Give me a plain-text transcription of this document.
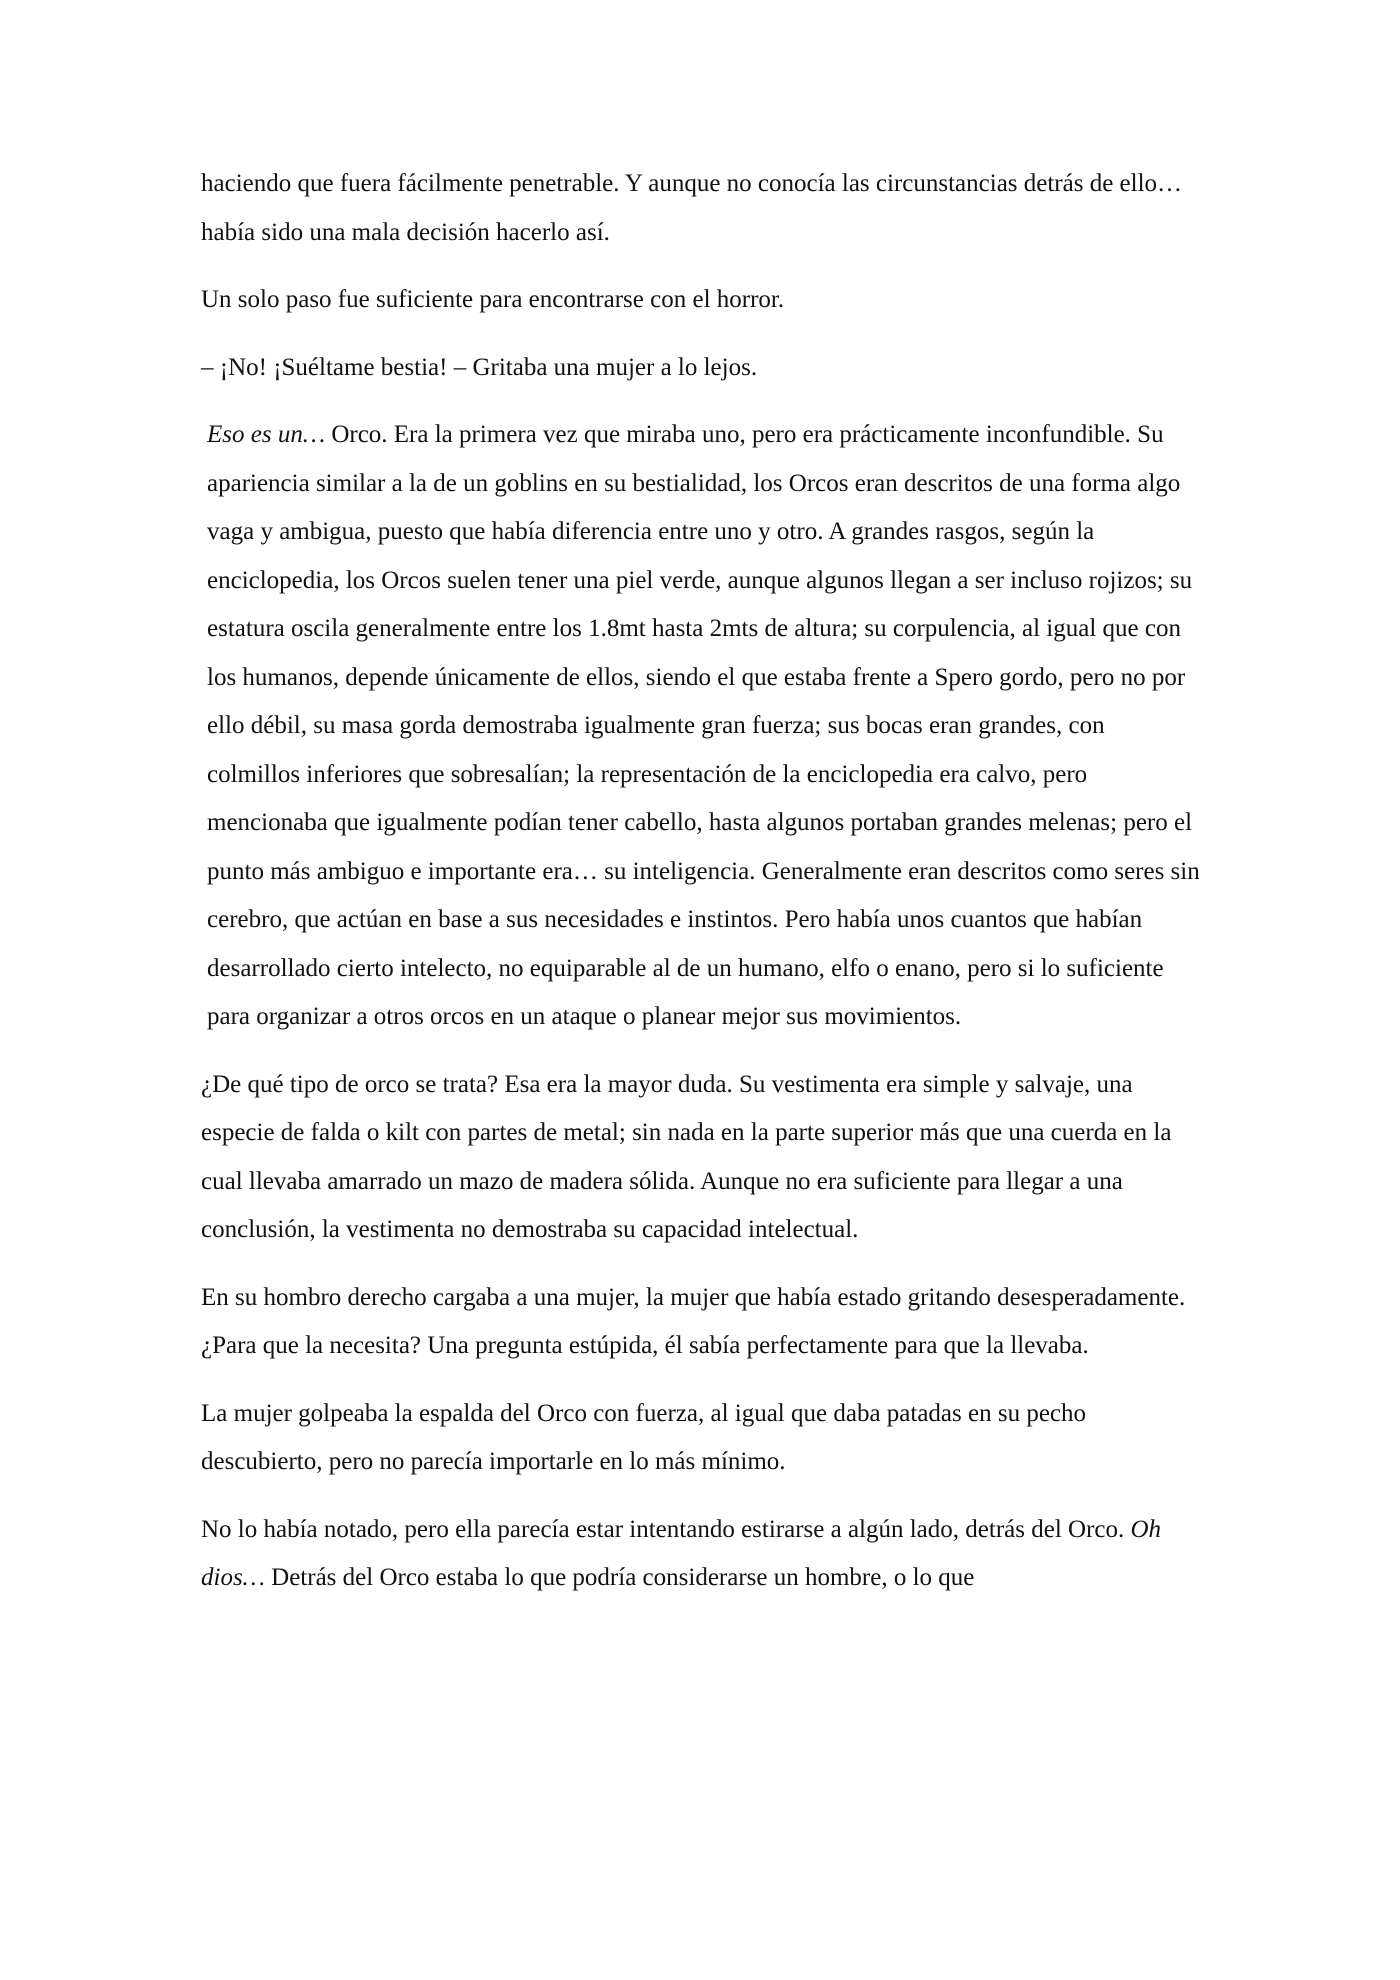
haciendo que fuera fácilmente penetrable. Y aunque no conocía las circunstancias detrás de ello… había sido una mala decisión hacerlo así.

Un solo paso fue suficiente para encontrarse con el horror.

– ¡No! ¡Suéltame bestia! – Gritaba una mujer a lo lejos.

Eso es un… Orco. Era la primera vez que miraba uno, pero era prácticamente inconfundible. Su apariencia similar a la de un goblins en su bestialidad, los Orcos eran descritos de una forma algo vaga y ambigua, puesto que había diferencia entre uno y otro. A grandes rasgos, según la enciclopedia, los Orcos suelen tener una piel verde, aunque algunos llegan a ser incluso rojizos; su estatura oscila generalmente entre los 1.8mt hasta 2mts de altura; su corpulencia, al igual que con los humanos, depende únicamente de ellos, siendo el que estaba frente a Spero gordo, pero no por ello débil, su masa gorda demostraba igualmente gran fuerza; sus bocas eran grandes, con colmillos inferiores que sobresalían; la representación de la enciclopedia era calvo, pero mencionaba que igualmente podían tener cabello, hasta algunos portaban grandes melenas; pero el punto más ambiguo e importante era… su inteligencia. Generalmente eran descritos como seres sin cerebro, que actúan en base a sus necesidades e instintos. Pero había unos cuantos que habían desarrollado cierto intelecto, no equiparable al de un humano, elfo o enano, pero si lo suficiente para organizar a otros orcos en un ataque o planear mejor sus movimientos.

¿De qué tipo de orco se trata? Esa era la mayor duda. Su vestimenta era simple y salvaje, una especie de falda o kilt con partes de metal; sin nada en la parte superior más que una cuerda en la cual llevaba amarrado un mazo de madera sólida. Aunque no era suficiente para llegar a una conclusión, la vestimenta no demostraba su capacidad intelectual.

En su hombro derecho cargaba a una mujer, la mujer que había estado gritando desesperadamente. ¿Para que la necesita? Una pregunta estúpida, él sabía perfectamente para que la llevaba.

La mujer golpeaba la espalda del Orco con fuerza, al igual que daba patadas en su pecho descubierto, pero no parecía importarle en lo más mínimo.

No lo había notado, pero ella parecía estar intentando estirarse a algún lado, detrás del Orco. Oh dios… Detrás del Orco estaba lo que podría considerarse un hombre, o lo que
